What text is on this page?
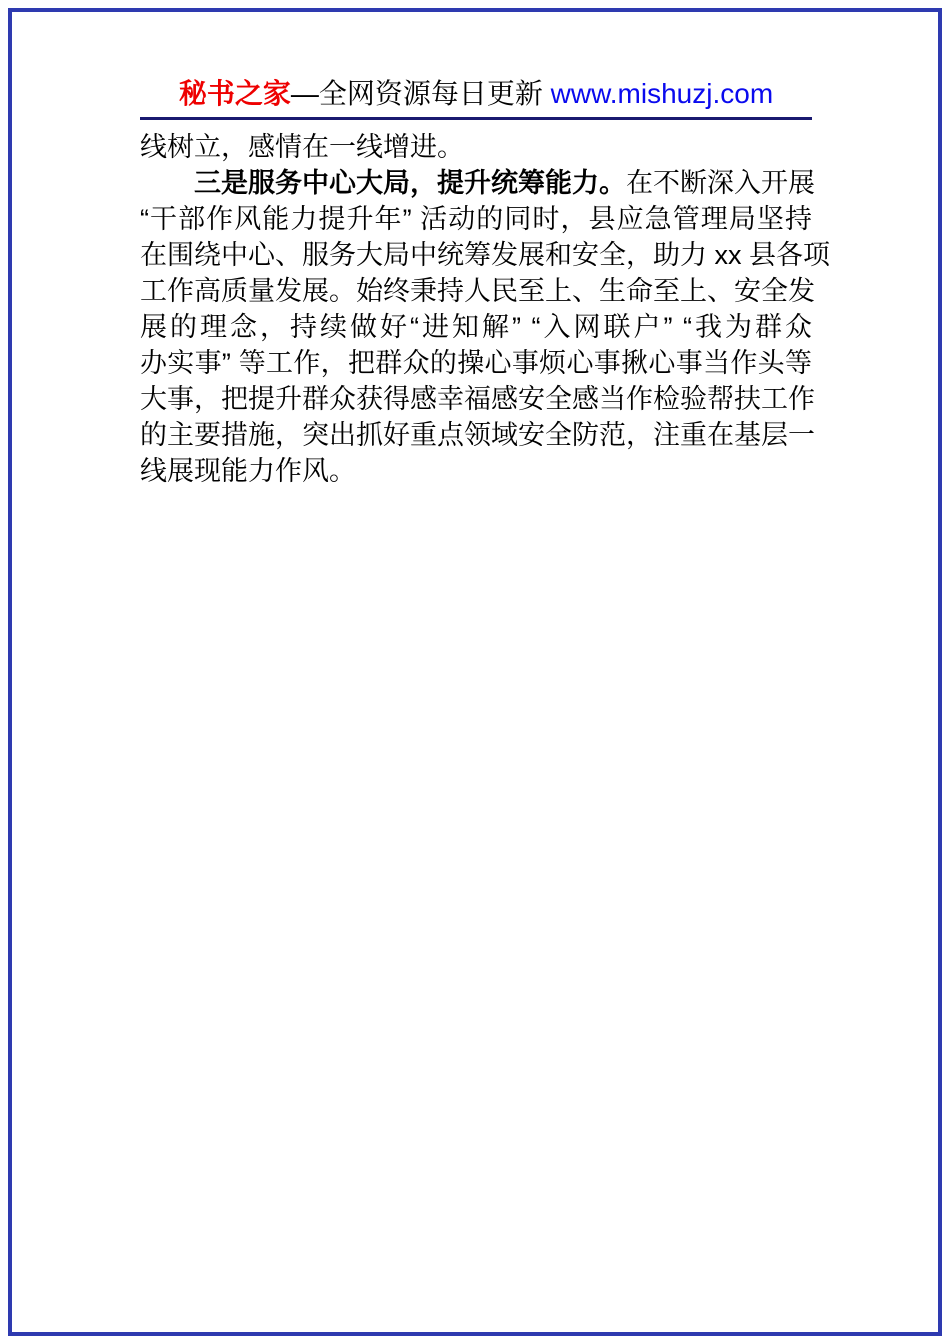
秘书之家—全网资源每日更新 www.mishuzj.com
线树立，感情在一线增进。
三是服务中心大局，提升统筹能力。在不断深入开展
“干部作风能力提升年” 活动的同时，县应急管理局坚持
在围绕中心、服务大局中统筹发展和安全，助力 xx 县各项
工作高质量发展。始终秉持人民至上、生命至上、安全发
展的理念，持续做好“进知解” “入网联户” “我为群众
办实事” 等工作，把群众的操心事烦心事揪心事当作头等
大事，把提升群众获得感幸福感安全感当作检验帮扶工作
的主要措施，突出抓好重点领域安全防范，注重在基层一
线展现能力作风。
